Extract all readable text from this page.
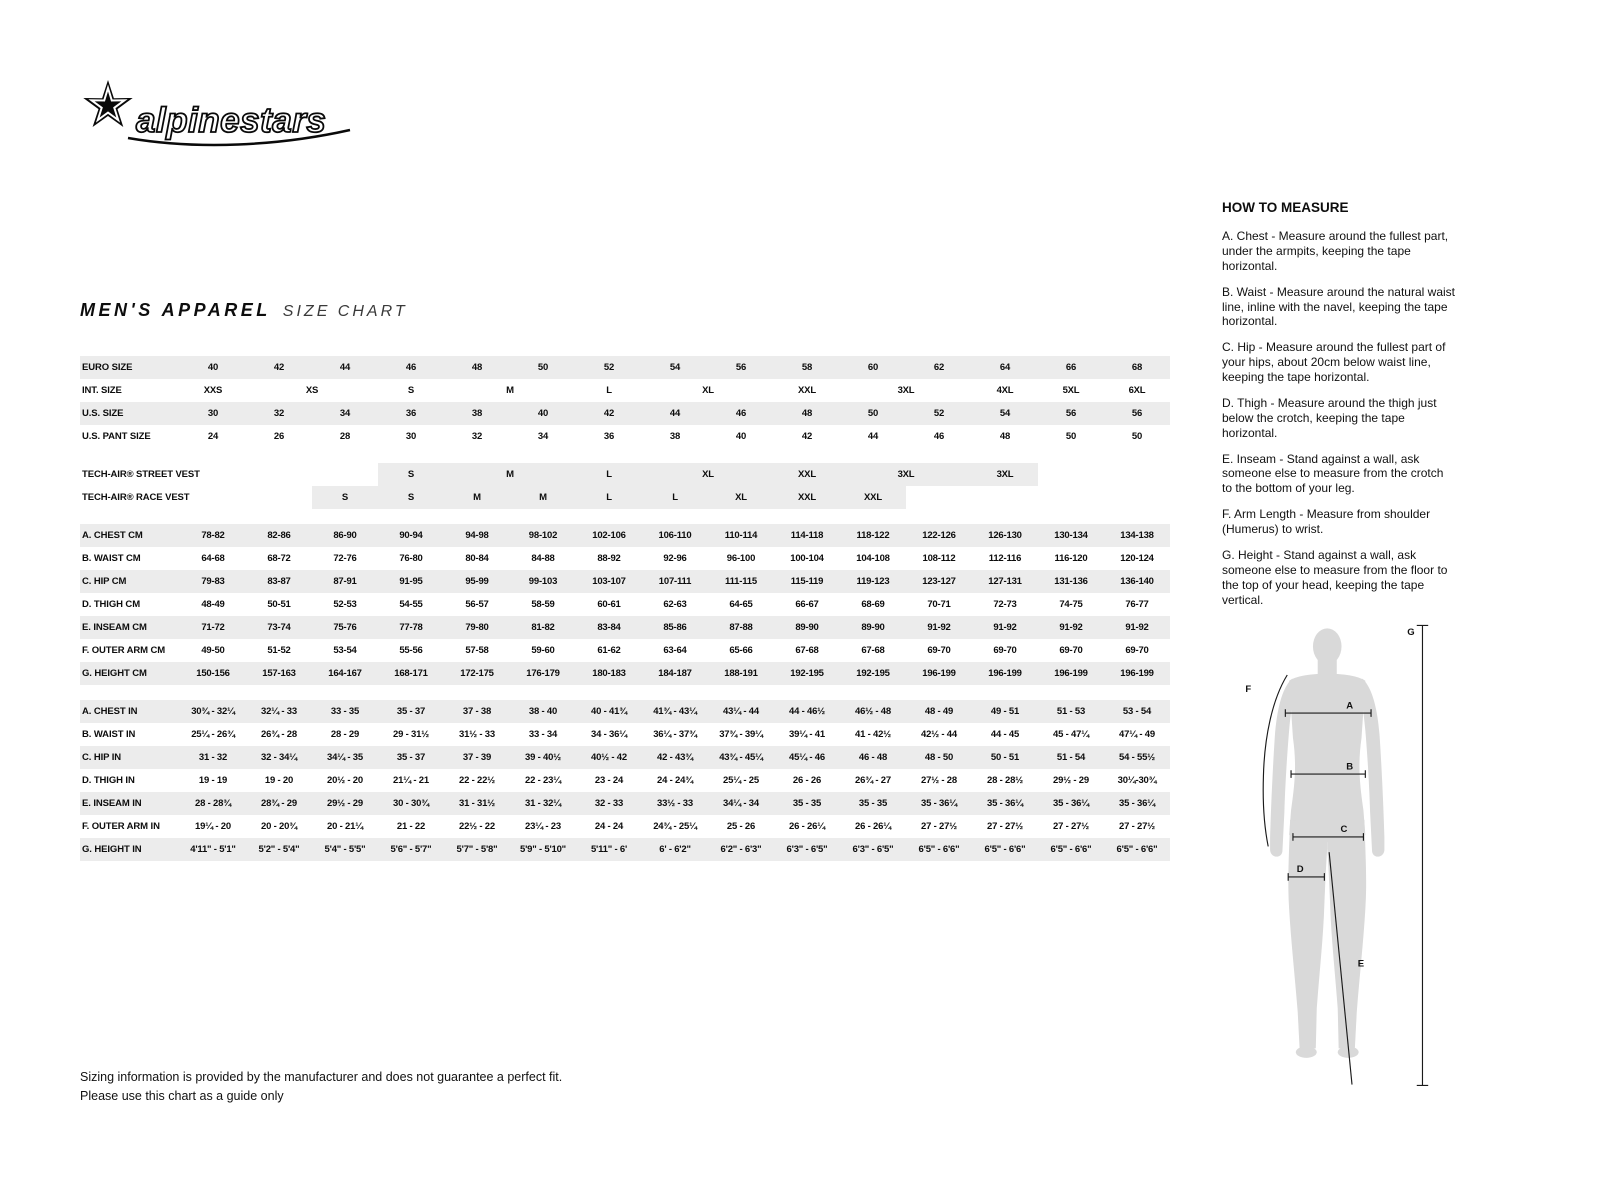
alpinestars
MEN'S APPAREL SIZE CHART
EURO SIZE	40	42	44	46	48	50	52	54	56	58	60	62	64	66	68
INT. SIZE	XXS	XS		S	M		L	XL		XXL	3XL		4XL	5XL	6XL
U.S. SIZE	30	32	34	36	38	40	42	44	46	48	50	52	54	56	56
U.S. PANT SIZE	24	26	28	30	32	34	36	38	40	42	44	46	48	50	50

TECH-AIR® STREET VEST				S	M		L	XL		XXL	3XL		3XL		
TECH-AIR® RACE VEST			S	S	M	M	L	L	XL	XXL	XXL				

A. CHEST CM	78-82	82-86	86-90	90-94	94-98	98-102	102-106	106-110	110-114	114-118	118-122	122-126	126-130	130-134	134-138
B. WAIST CM	64-68	68-72	72-76	76-80	80-84	84-88	88-92	92-96	96-100	100-104	104-108	108-112	112-116	116-120	120-124
C. HIP CM	79-83	83-87	87-91	91-95	95-99	99-103	103-107	107-111	111-115	115-119	119-123	123-127	127-131	131-136	136-140
D. THIGH CM	48-49	50-51	52-53	54-55	56-57	58-59	60-61	62-63	64-65	66-67	68-69	70-71	72-73	74-75	76-77
E. INSEAM CM	71-72	73-74	75-76	77-78	79-80	81-82	83-84	85-86	87-88	89-90	89-90	91-92	91-92	91-92	91-92
F. OUTER ARM CM	49-50	51-52	53-54	55-56	57-58	59-60	61-62	63-64	65-66	67-68	67-68	69-70	69-70	69-70	69-70
G. HEIGHT CM	150-156	157-163	164-167	168-171	172-175	176-179	180-183	184-187	188-191	192-195	192-195	196-199	196-199	196-199	196-199

A. CHEST IN	30¾ - 32¼	32¼ - 33	33 - 35	35 - 37	37 - 38	38 - 40	40 - 41¾	41¾ - 43¼	43¼ - 44	44 - 46½	46½ - 48	48 - 49	49 - 51	51 - 53	53 - 54
B. WAIST IN	25¼ - 26¾	26¾ - 28	28 - 29	29 - 31½	31½ - 33	33 - 34	34 - 36¼	36¼ - 37¾	37¾ - 39¼	39¼ - 41	41 - 42½	42½ - 44	44 - 45	45 - 47¼	47¼ - 49
C. HIP IN	31 - 32	32 - 34¼	34¼ - 35	35 - 37	37 - 39	39 - 40½	40½ - 42	42 - 43¾	43¾ - 45¼	45¼ - 46	46 - 48	48 - 50	50 - 51	51 - 54	54 - 55½
D. THIGH IN	19 - 19	19 - 20	20½ - 20	21¼ - 21	22 - 22½	22 - 23¼	23 - 24	24 - 24¾	25¼ - 25	26 - 26	26¾ - 27	27½ - 28	28 - 28½	29½ - 29	30¼-30¾
E. INSEAM IN	28 - 28¾	28¾ - 29	29½ - 29	30 - 30¾	31 - 31½	31 - 32¼	32 - 33	33½ - 33	34¼ - 34	35 - 35	35 - 35	35 - 36¼	35 - 36¼	35 - 36¼	35 - 36¼
F. OUTER ARM IN	19¼ - 20	20 - 20¾	20 - 21¼	21 - 22	22½ - 22	23¼ - 23	24 - 24	24¾ - 25¼	25 - 26	26 - 26¼	26 - 26¼	27 - 27½	27 - 27½	27 - 27½	27 - 27½
G. HEIGHT IN	4'11" - 5'1"	5'2" - 5'4"	5'4" - 5'5"	5'6" - 5'7"	5'7" - 5'8"	5'9" - 5'10"	5'11" - 6'	6' - 6'2"	6'2" - 6'3"	6'3" - 6'5"	6'3" - 6'5"	6'5" - 6'6"	6'5" - 6'6"	6'5" - 6'6"	6'5" - 6'6"
HOW TO MEASURE

A. Chest - Measure around the fullest part, under the armpits, keeping the tape horizontal.

B. Waist - Measure around the natural waist line, inline with the navel, keeping the tape horizontal.

C. Hip - Measure around the fullest part of your hips, about 20cm below waist line, keeping the tape horizontal.

D. Thigh - Measure around the thigh just below the crotch, keeping the tape horizontal.

E. Inseam - Stand against a wall, ask someone else to measure from the crotch to the bottom of your leg.

F. Arm Length - Measure from shoulder (Humerus) to wrist.

G. Height - Stand against a wall, ask someone else to measure from the floor to the top of your head, keeping the tape vertical.

A
B
C
D
E
F
G
Sizing information is provided by the manufacturer and does not guarantee a perfect fit.
Please use this chart as a guide only
